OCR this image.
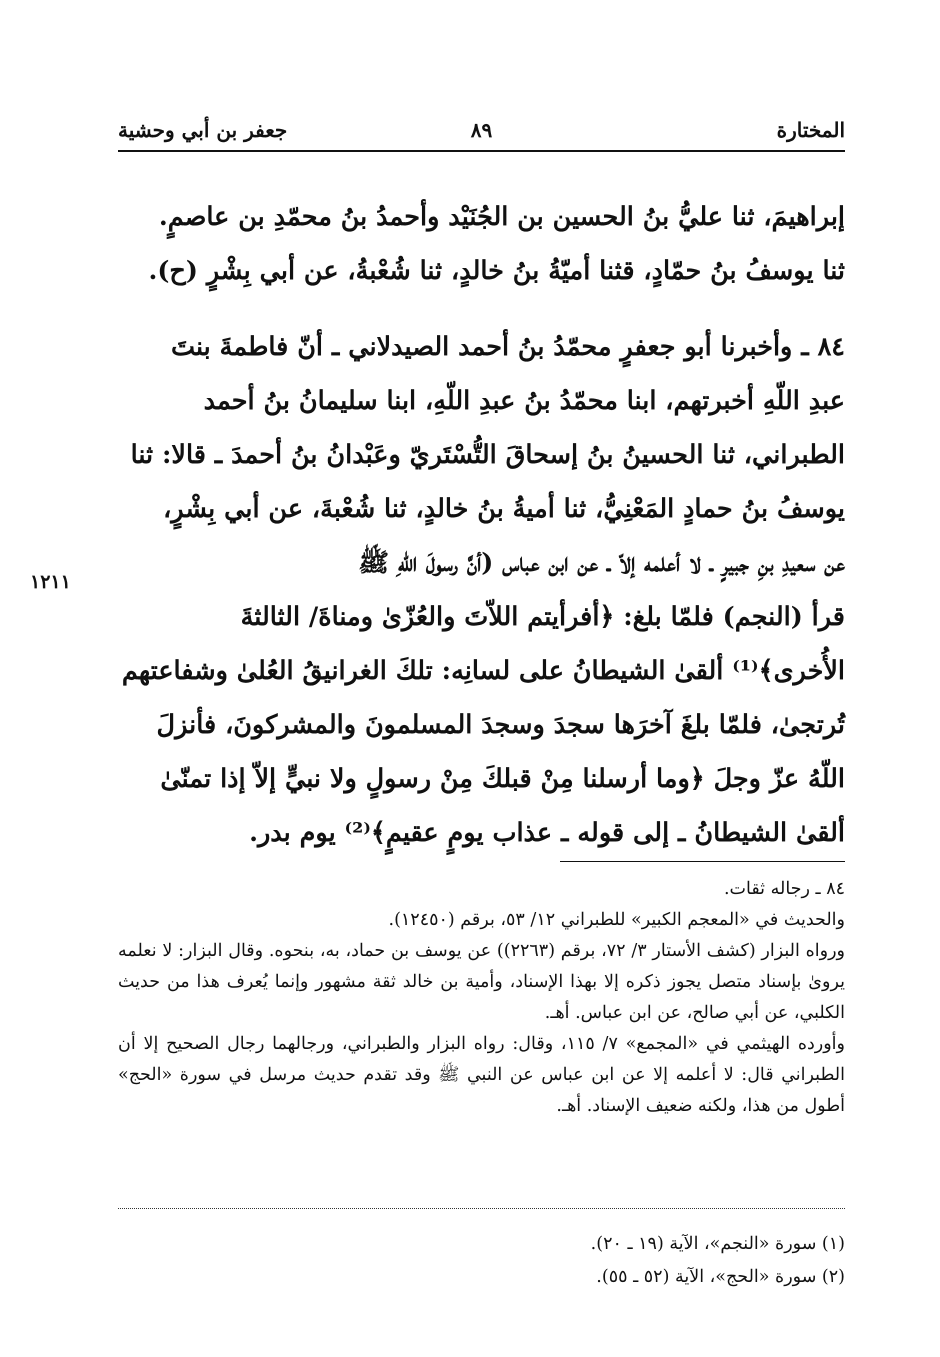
المختارة
٨٩
جعفر بن أبي وحشية

إبراهيمَ، ثنا عليُّ بنُ الحسين بن الجُنَيْد وأحمدُ بنُ محمّدِ بن عاصمٍ.

ثنا يوسفُ بنُ حمّادٍ، قثنا أميّةُ بنُ خالدٍ، ثنا شُعْبةُ، عن أبي بِشْرٍ (ح).

٨٤ ـ وأخبرنا أبو جعفرٍ محمّدُ بنُ أحمد الصيدلاني ـ أنّ فاطمةَ بنتَ

عبدِ اللّهِ أخبرتهم، ابنا محمّدُ بنُ عبدِ اللّهِ، ابنا سليمانُ بنُ أحمد

الطبراني، ثنا الحسينُ بنُ إسحاقَ التُّسْتَريّ وعَبْدانُ بنُ أحمدَ ـ قالا: ثنا

يوسفُ بنُ حمادٍ المَعْنِيُّ، ثنا أميةُ بنُ خالدٍ، ثنا شُعْبةَ، عن أبي بِشْرٍ،

عن سعيدِ بنِ جبيرٍ ـ لا أعلمه إلاّ ـ عن ابن عباس (أنَّ رسولَ اللّهِ ﷺ

قرأ (النجم) فلمّا بلغ: ﴿أفرأيتم اللاّتَ والعُزّىٰ ومناةَ/ الثالثةَ

الأُخرى﴾⁽¹⁾ ألقىٰ الشيطانُ على لسانِه: تلكَ الغرانيقُ العُلىٰ وشفاعتهم

تُرتجىٰ، فلمّا بلغَ آخرَها سجدَ وسجدَ المسلمونَ والمشركونَ، فأنزلَ

اللّهُ عزّ وجلَ ﴿وما أرسلنا مِنْ قبلكَ مِنْ رسولٍ ولا نبيٍّ إلاّ إذا تمنّىٰ

ألقىٰ الشيطانُ ـ إلى قوله ـ عذاب يومٍ عقيمٍ﴾⁽²⁾ يوم بدر.

١٢١١

٨٤ ـ رجاله ثقات.

والحديث في «المعجم الكبير» للطبراني ١٢/ ٥٣، برقم (١٢٤٥٠).

ورواه البزار (كشف الأستار ٣/ ٧٢، برقم (٢٢٦٣)) عن يوسف بن حماد، به، بنحوه. وقال البزار: لا نعلمه يروىٰ بإسناد متصل يجوز ذكره إلا بهذا الإسناد، وأمية بن خالد ثقة مشهور وإنما يُعرف هذا من حديث الكلبي، عن أبي صالح، عن ابن عباس. أهـ.

وأورده الهيثمي في «المجمع» ٧/ ١١٥، وقال: رواه البزار والطبراني، ورجالهما رجال الصحيح إلا أن الطبراني قال: لا أعلمه إلا عن ابن عباس عن النبي ﷺ وقد تقدم حديث مرسل في سورة «الحج» أطول من هذا، ولكنه ضعيف الإسناد. أهـ.

(١) سورة «النجم»، الآية (١٩ ـ ٢٠).

(٢) سورة «الحج»، الآية (٥٢ ـ ٥٥).
